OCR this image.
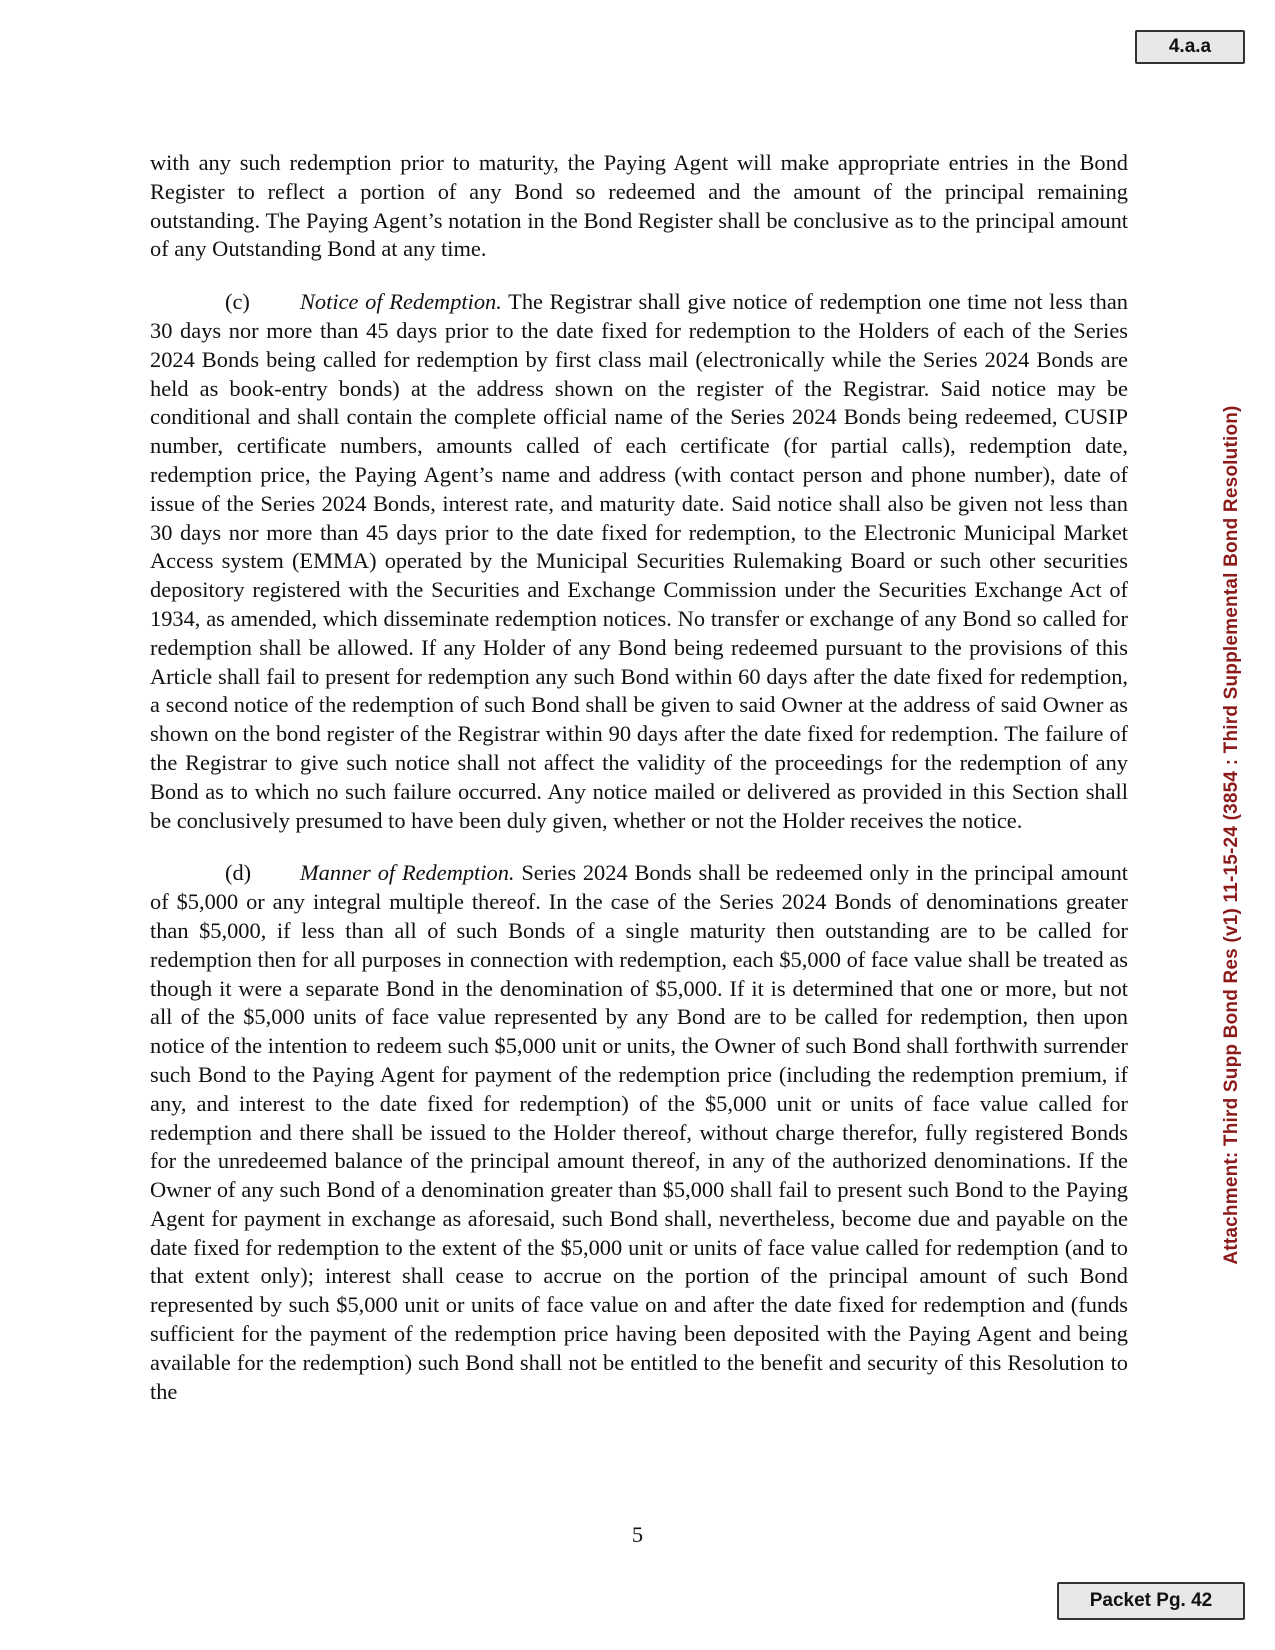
4.a.a
Attachment: Third Supp Bond Res (v1) 11-15-24 (3854 : Third Supplemental Bond Resolution)

with any such redemption prior to maturity, the Paying Agent will make appropriate entries in the Bond Register to reflect a portion of any Bond so redeemed and the amount of the principal remaining outstanding. The Paying Agent’s notation in the Bond Register shall be conclusive as to the principal amount of any Outstanding Bond at any time.

(c) Notice of Redemption. The Registrar shall give notice of redemption one time not less than 30 days nor more than 45 days prior to the date fixed for redemption to the Holders of each of the Series 2024 Bonds being called for redemption by first class mail (electronically while the Series 2024 Bonds are held as book-entry bonds) at the address shown on the register of the Registrar. Said notice may be conditional and shall contain the complete official name of the Series 2024 Bonds being redeemed, CUSIP number, certificate numbers, amounts called of each certificate (for partial calls), redemption date, redemption price, the Paying Agent’s name and address (with contact person and phone number), date of issue of the Series 2024 Bonds, interest rate, and maturity date. Said notice shall also be given not less than 30 days nor more than 45 days prior to the date fixed for redemption, to the Electronic Municipal Market Access system (EMMA) operated by the Municipal Securities Rulemaking Board or such other securities depository registered with the Securities and Exchange Commission under the Securities Exchange Act of 1934, as amended, which disseminate redemption notices. No transfer or exchange of any Bond so called for redemption shall be allowed. If any Holder of any Bond being redeemed pursuant to the provisions of this Article shall fail to present for redemption any such Bond within 60 days after the date fixed for redemption, a second notice of the redemption of such Bond shall be given to said Owner at the address of said Owner as shown on the bond register of the Registrar within 90 days after the date fixed for redemption. The failure of the Registrar to give such notice shall not affect the validity of the proceedings for the redemption of any Bond as to which no such failure occurred. Any notice mailed or delivered as provided in this Section shall be conclusively presumed to have been duly given, whether or not the Holder receives the notice.

(d) Manner of Redemption. Series 2024 Bonds shall be redeemed only in the principal amount of $5,000 or any integral multiple thereof. In the case of the Series 2024 Bonds of denominations greater than $5,000, if less than all of such Bonds of a single maturity then outstanding are to be called for redemption then for all purposes in connection with redemption, each $5,000 of face value shall be treated as though it were a separate Bond in the denomination of $5,000. If it is determined that one or more, but not all of the $5,000 units of face value represented by any Bond are to be called for redemption, then upon notice of the intention to redeem such $5,000 unit or units, the Owner of such Bond shall forthwith surrender such Bond to the Paying Agent for payment of the redemption price (including the redemption premium, if any, and interest to the date fixed for redemption) of the $5,000 unit or units of face value called for redemption and there shall be issued to the Holder thereof, without charge therefor, fully registered Bonds for the unredeemed balance of the principal amount thereof, in any of the authorized denominations. If the Owner of any such Bond of a denomination greater than $5,000 shall fail to present such Bond to the Paying Agent for payment in exchange as aforesaid, such Bond shall, nevertheless, become due and payable on the date fixed for redemption to the extent of the $5,000 unit or units of face value called for redemption (and to that extent only); interest shall cease to accrue on the portion of the principal amount of such Bond represented by such $5,000 unit or units of face value on and after the date fixed for redemption and (funds sufficient for the payment of the redemption price having been deposited with the Paying Agent and being available for the redemption) such Bond shall not be entitled to the benefit and security of this Resolution to the

5
Packet Pg. 42
